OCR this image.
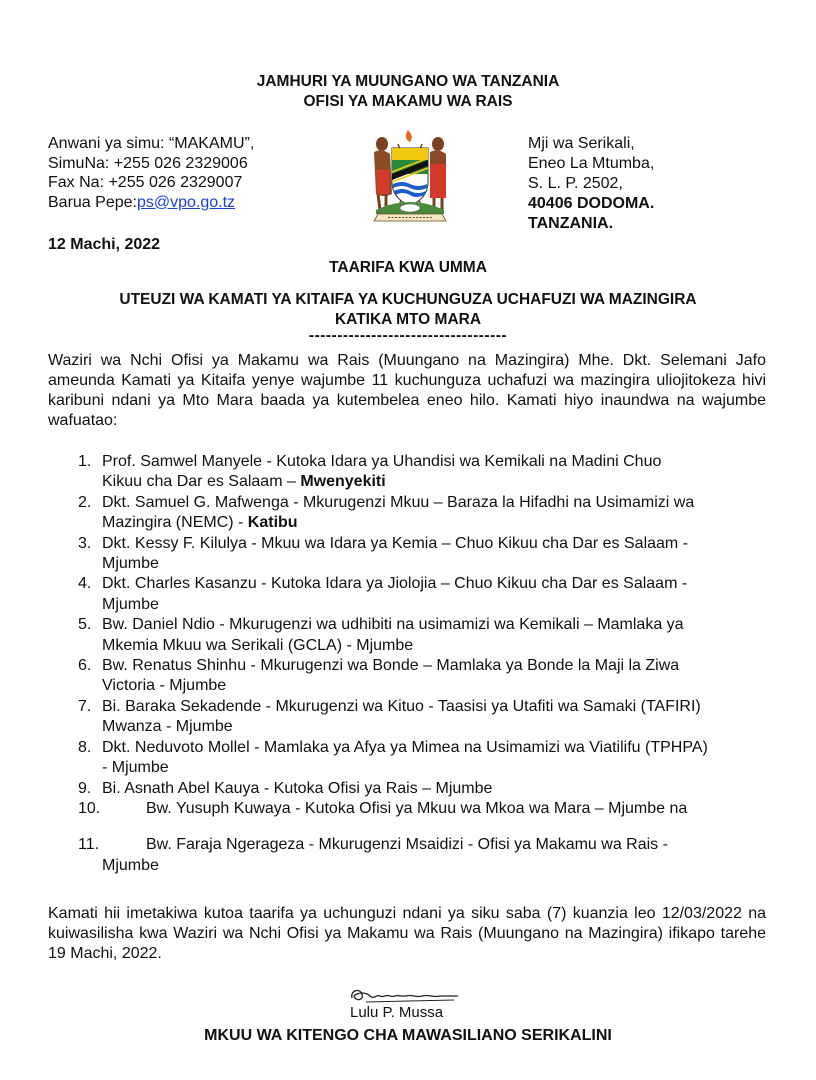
JAMHURI YA MUUNGANO WA TANZANIA
OFISI YA MAKAMU WA RAIS
Anwani ya simu: “MAKAMU”,
SimuNa: +255 026 2329006
Fax Na: +255 026 2329007
Barua Pepe:ps@vpo.go.tz
Mji wa Serikali,
Eneo La Mtumba,
S. L. P. 2502,
40406 DODOMA.
TANZANIA.
12 Machi, 2022
TAARIFA KWA UMMA
UTEUZI WA KAMATI YA KITAIFA YA KUCHUNGUZA UCHAFUZI WA MAZINGIRA
KATIKA MTO MARA
-----------------------------------
Waziri wa Nchi Ofisi ya Makamu wa Rais (Muungano na Mazingira) Mhe. Dkt. Selemani Jafo ameunda Kamati ya Kitaifa yenye wajumbe 11 kuchunguza uchafuzi wa mazingira uliojitokeza hivi karibuni ndani ya Mto Mara baada ya kutembelea eneo hilo. Kamati hiyo inaundwa na wajumbe wafuatao:
1. Prof. Samwel Manyele - Kutoka Idara ya Uhandisi wa Kemikali na Madini Chuo
Kikuu cha Dar es Salaam – Mwenyekiti
2. Dkt. Samuel G. Mafwenga - Mkurugenzi Mkuu – Baraza la Hifadhi na Usimamizi wa
Mazingira (NEMC) - Katibu
3. Dkt. Kessy F. Kilulya - Mkuu wa Idara ya Kemia – Chuo Kikuu cha Dar es Salaam -
Mjumbe
4. Dkt. Charles Kasanzu - Kutoka Idara ya Jiolojia – Chuo Kikuu cha Dar es Salaam -
Mjumbe
5. Bw. Daniel Ndio - Mkurugenzi wa udhibiti na usimamizi wa Kemikali – Mamlaka ya
Mkemia Mkuu wa Serikali (GCLA) - Mjumbe
6. Bw. Renatus Shinhu - Mkurugenzi wa Bonde – Mamlaka ya Bonde la Maji la Ziwa
Victoria - Mjumbe
7. Bi. Baraka Sekadende - Mkurugenzi wa Kituo - Taasisi ya Utafiti wa Samaki (TAFIRI)
Mwanza - Mjumbe
8. Dkt. Neduvoto Mollel - Mamlaka ya Afya ya Mimea na Usimamizi wa Viatilifu (TPHPA)
- Mjumbe
9. Bi. Asnath Abel Kauya - Kutoka Ofisi ya Rais – Mjumbe
10.	Bw. Yusuph Kuwaya - Kutoka Ofisi ya Mkuu wa Mkoa wa Mara – Mjumbe na
11.	Bw. Faraja Ngerageza - Mkurugenzi Msaidizi - Ofisi ya Makamu wa Rais -
Mjumbe
Kamati hii imetakiwa kutoa taarifa ya uchunguzi ndani ya siku saba (7) kuanzia leo 12/03/2022 na kuiwasilisha kwa Waziri wa Nchi Ofisi ya Makamu wa Rais (Muungano na Mazingira) ifikapo tarehe 19 Machi, 2022.
Lulu P. Mussa
MKUU WA KITENGO CHA MAWASILIANO SERIKALINI
